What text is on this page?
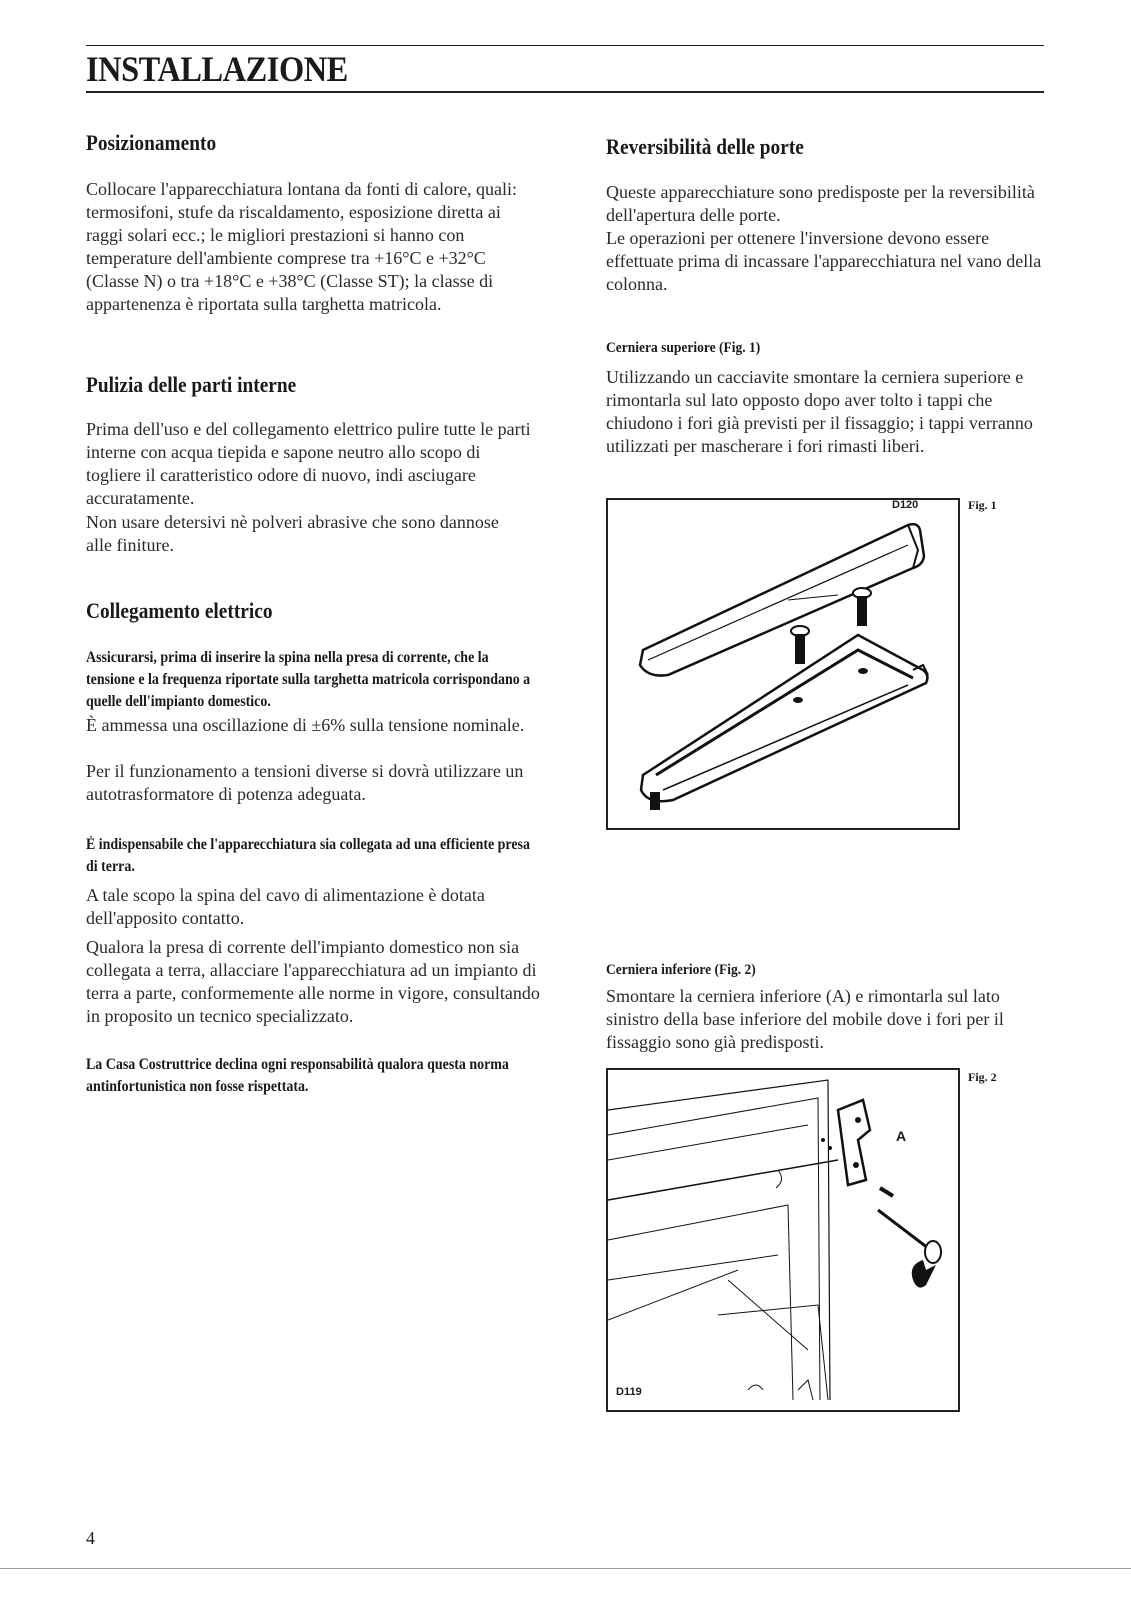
INSTALLAZIONE
Posizionamento

Collocare l'apparecchiatura lontana da fonti di calore, quali: termosifoni, stufe da riscaldamento, esposizione diretta ai raggi solari ecc.; le migliori prestazioni si hanno con temperature dell'ambiente comprese tra +16°C e +32°C (Classe N) o tra +18°C e +38°C (Classe ST); la classe di appartenenza è riportata sulla targhetta matricola.

Pulizia delle parti interne

Prima dell'uso e del collegamento elettrico pulire tutte le parti interne con acqua tiepida e sapone neutro allo scopo di togliere il caratteristico odore di nuovo, indi asciugare accuratamente.

Non usare detersivi nè polveri abrasive che sono dannose alle finiture.

Collegamento elettrico

Assicurarsi, prima di inserire la spina nella presa di corrente, che la tensione e la frequenza riportate sulla targhetta matricola corrispondano a quelle dell'impianto domestico.

È ammessa una oscillazione di ±6% sulla tensione nominale.

Per il funzionamento a tensioni diverse si dovrà utilizzare un autotrasformatore di potenza adeguata.

È indispensabile che l'apparecchiatura sia collegata ad una efficiente presa di terra.

A tale scopo la spina del cavo di alimentazione è dotata dell'apposito contatto.

Qualora la presa di corrente dell'impianto domestico non sia collegata a terra, allacciare l'apparecchiatura ad un impianto di terra a parte, conformemente alle norme in vigore, consultando in proposito un tecnico specializzato.

La Casa Costruttrice declina ogni responsabilità qualora questa norma antinfortunistica non fosse rispettata.

Reversibilità delle porte

Queste apparecchiature sono predisposte per la reversibilità dell'apertura delle porte.

Le operazioni per ottenere l'inversione devono essere effettuate prima di incassare l'apparecchiatura nel vano della colonna.

Cerniera superiore (Fig. 1)

Utilizzando un cacciavite smontare la cerniera superiore e rimontarla sul lato opposto dopo aver tolto i tappi che chiudono i fori già previsti per il fissaggio; i tappi verranno utilizzati per mascherare i fori rimasti liberi.

D120	Fig. 1
Cerniera inferiore (Fig. 2)

Smontare la cerniera inferiore (A) e rimontarla sul lato sinistro della base inferiore del mobile dove i fori per il fissaggio sono già predisposti.

D119
A
Fig. 2
4
